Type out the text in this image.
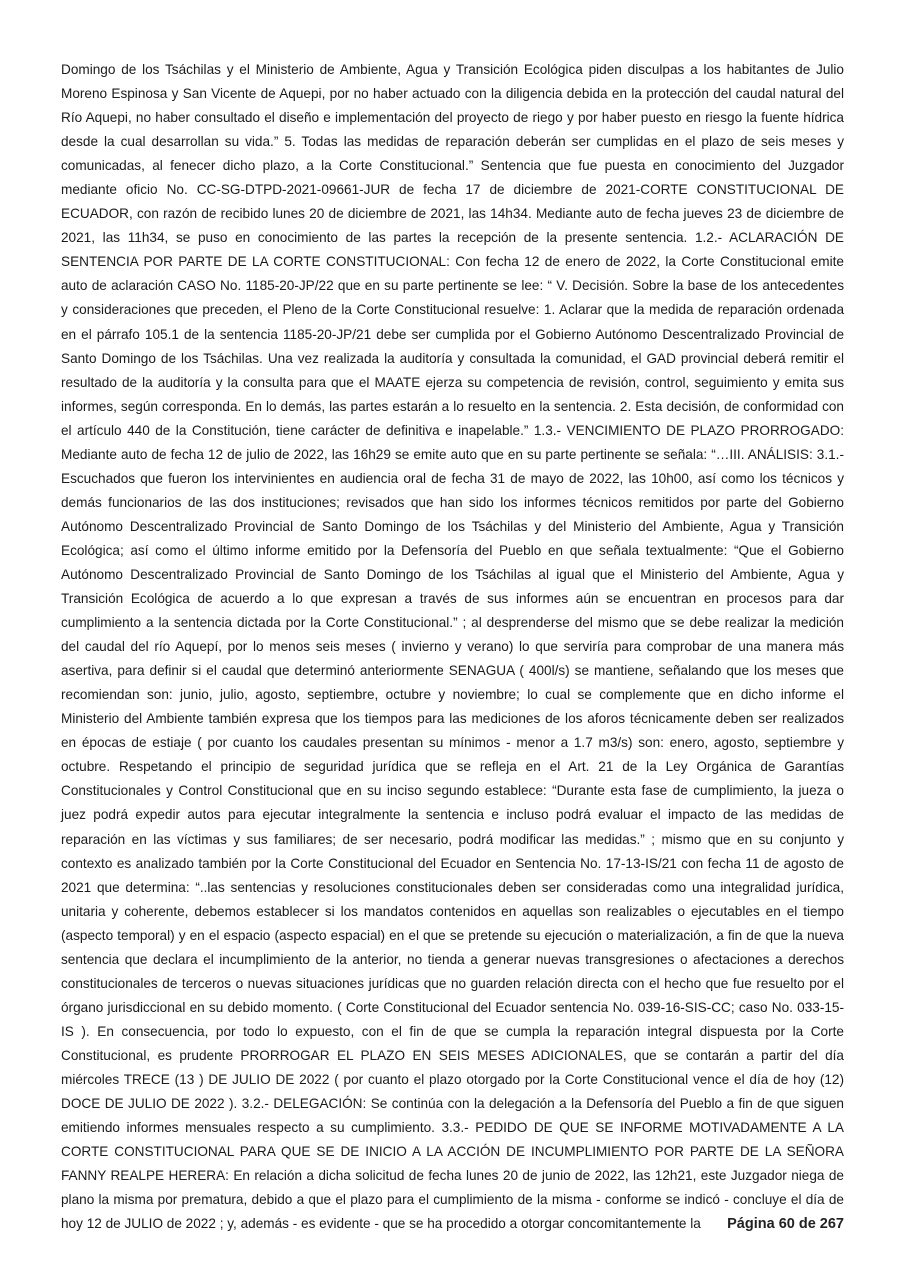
Domingo de los Tsáchilas y el Ministerio de Ambiente, Agua y Transición Ecológica piden disculpas a los habitantes de Julio Moreno Espinosa y San Vicente de Aquepi, por no haber actuado con la diligencia debida en la protección del caudal natural del Río Aquepi, no haber consultado el diseño e implementación del proyecto de riego y por haber puesto en riesgo la fuente hídrica desde la cual desarrollan su vida.” 5. Todas las medidas de reparación deberán ser cumplidas en el plazo de seis meses y comunicadas, al fenecer dicho plazo, a la Corte Constitucional.” Sentencia que fue puesta en conocimiento del Juzgador mediante oficio No. CC-SG-DTPD-2021-09661-JUR de fecha 17 de diciembre de 2021-CORTE CONSTITUCIONAL DE ECUADOR, con razón de recibido lunes 20 de diciembre de 2021, las 14h34. Mediante auto de fecha jueves 23 de diciembre de 2021, las 11h34, se puso en conocimiento de las partes la recepción de la presente sentencia. 1.2.- ACLARACIÓN DE SENTENCIA POR PARTE DE LA CORTE CONSTITUCIONAL: Con fecha 12 de enero de 2022, la Corte Constitucional emite auto de aclaración CASO No. 1185-20-JP/22 que en su parte pertinente se lee: “ V. Decisión. Sobre la base de los antecedentes y consideraciones que preceden, el Pleno de la Corte Constitucional resuelve: 1. Aclarar que la medida de reparación ordenada en el párrafo 105.1 de la sentencia 1185-20-JP/21 debe ser cumplida por el Gobierno Autónomo Descentralizado Provincial de Santo Domingo de los Tsáchilas. Una vez realizada la auditoría y consultada la comunidad, el GAD provincial deberá remitir el resultado de la auditoría y la consulta para que el MAATE ejerza su competencia de revisión, control, seguimiento y emita sus informes, según corresponda. En lo demás, las partes estarán a lo resuelto en la sentencia. 2. Esta decisión, de conformidad con el artículo 440 de la Constitución, tiene carácter de definitiva e inapelable.” 1.3.- VENCIMIENTO DE PLAZO PRORROGADO: Mediante auto de fecha 12 de julio de 2022, las 16h29 se emite auto que en su parte pertinente se señala: “…III. ANÁLISIS: 3.1.- Escuchados que fueron los intervinientes en audiencia oral de fecha 31 de mayo de 2022, las 10h00, así como los técnicos y demás funcionarios de las dos instituciones; revisados que han sido los informes técnicos remitidos por parte del Gobierno Autónomo Descentralizado Provincial de Santo Domingo de los Tsáchilas y del Ministerio del Ambiente, Agua y Transición Ecológica; así como el último informe emitido por la Defensoría del Pueblo en que señala textualmente: “Que el Gobierno Autónomo Descentralizado Provincial de Santo Domingo de los Tsáchilas al igual que el Ministerio del Ambiente, Agua y Transición Ecológica de acuerdo a lo que expresan a través de sus informes aún se encuentran en procesos para dar cumplimiento a la sentencia dictada por la Corte Constitucional.” ; al desprenderse del mismo que se debe realizar la medición del caudal del río Aquepí, por lo menos seis meses ( invierno y verano) lo que serviría para comprobar de una manera más asertiva, para definir si el caudal que determinó anteriormente SENAGUA ( 400l/s) se mantiene, señalando que los meses que recomiendan son: junio, julio, agosto, septiembre, octubre y noviembre; lo cual se complemente que en dicho informe el Ministerio del Ambiente también expresa que los tiempos para las mediciones de los aforos técnicamente deben ser realizados en épocas de estiaje ( por cuanto los caudales presentan su mínimos - menor a 1.7 m3/s) son: enero, agosto, septiembre y octubre. Respetando el principio de seguridad jurídica que se refleja en el Art. 21 de la Ley Orgánica de Garantías Constitucionales y Control Constitucional que en su inciso segundo establece: “Durante esta fase de cumplimiento, la jueza o juez podrá expedir autos para ejecutar integralmente la sentencia e incluso podrá evaluar el impacto de las medidas de reparación en las víctimas y sus familiares; de ser necesario, podrá modificar las medidas.” ; mismo que en su conjunto y contexto es analizado también por la Corte Constitucional del Ecuador en Sentencia No. 17-13-IS/21 con fecha 11 de agosto de 2021 que determina: “..las sentencias y resoluciones constitucionales deben ser consideradas como una integralidad jurídica, unitaria y coherente, debemos establecer si los mandatos contenidos en aquellas son realizables o ejecutables en el tiempo (aspecto temporal) y en el espacio (aspecto espacial) en el que se pretende su ejecución o materialización, a fin de que la nueva sentencia que declara el incumplimiento de la anterior, no tienda a generar nuevas transgresiones o afectaciones a derechos constitucionales de terceros o nuevas situaciones jurídicas que no guarden relación directa con el hecho que fue resuelto por el órgano jurisdiccional en su debido momento. ( Corte Constitucional del Ecuador sentencia No. 039-16-SIS-CC; caso No. 033-15-IS ). En consecuencia, por todo lo expuesto, con el fin de que se cumpla la reparación integral dispuesta por la Corte Constitucional, es prudente PRORROGAR EL PLAZO EN SEIS MESES ADICIONALES, que se contarán a partir del día miércoles TRECE (13 ) DE JULIO DE 2022 ( por cuanto el plazo otorgado por la Corte Constitucional vence el día de hoy (12) DOCE DE JULIO DE 2022 ). 3.2.- DELEGACIÓN: Se continúa con la delegación a la Defensoría del Pueblo a fin de que siguen emitiendo informes mensuales respecto a su cumplimiento. 3.3.- PEDIDO DE QUE SE INFORME MOTIVADAMENTE A LA CORTE CONSTITUCIONAL PARA QUE SE DE INICIO A LA ACCIÓN DE INCUMPLIMIENTO POR PARTE DE LA SEÑORA FANNY REALPE HERERA: En relación a dicha solicitud de fecha lunes 20 de junio de 2022, las 12h21, este Juzgador niega de plano la misma por prematura, debido a que el plazo para el cumplimiento de la misma - conforme se indicó - concluye el día de hoy 12 de JULIO de 2022 ; y, además - es evidente - que se ha procedido a otorgar concomitantemente la	Página 60 de 267
